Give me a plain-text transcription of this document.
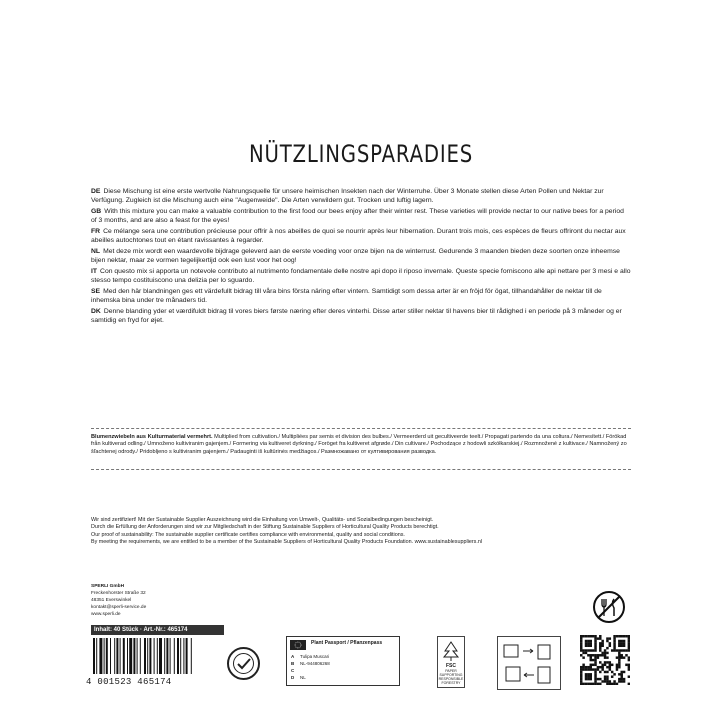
NÜTZLINGSPARADIES

DE Diese Mischung ist eine erste wertvolle Nahrungsquelle für unsere heimischen Insekten nach der Winterruhe. Über 3 Monate stellen diese Arten Pollen und Nektar zur Verfügung. Zugleich ist die Mischung auch eine "Augenweide". Die Arten verwildern gut. Trocken und luftig lagern.

GB With this mixture you can make a valuable contribution to the first food our bees enjoy after their winter rest. These varieties will provide nectar to our native bees for a period of 3 months, and are also a feast for the eyes!

FR Ce mélange sera une contribution précieuse pour offrir à nos abeilles de quoi se nourrir après leur hibernation. Durant trois mois, ces espèces de fleurs offriront du nectar aux abeilles autochtones tout en étant ravissantes à regarder.

NL Met deze mix wordt een waardevolle bijdrage geleverd aan de eerste voeding voor onze bijen na de winterrust. Gedurende 3 maanden bieden deze soorten onze inheemse bijen nektar, maar ze vormen tegelijkertijd ook een lust voor het oog!

IT Con questo mix si apporta un notevole contributo al nutrimento fondamentale delle nostre api dopo il riposo invernale. Queste specie forniscono alle api nettare per 3 mesi e allo stesso tempo costituiscono una delizia per lo sguardo.

SE Med den här blandningen ges ett värdefullt bidrag till våra bins första näring efter vintern. Samtidigt som dessa arter är en fröjd för ögat, tillhandahåller de nektar till de inhemska bina under tre månaders tid.

DK Denne blanding yder et værdifuldt bidrag til vores biers første næring efter deres vinterhi. Disse arter stiller nektar til havens bier til rådighed i en periode på 3 måneder og er samtidig en fryd for øjet.

Blumenzwiebeln aus Kulturmaterial vermehrt. Multiplied from cultivation./ Multipliées par semis et division des bulbes./ Vermeerderd uit gecultiveerde teelt./ Propagati partendo da una coltura./ Nemesített./ Förökad från kultiverad odling./ Umnoženo kultiviranim gajenjem./ Formering via kultiveret dyrkning./ Foröget fra kultiveret afgrøde./ Din cultivare./ Pochodzące z hodowli szkółkarskiej./ Rozmnožené z kultivace./ Namnožený zo šľachtenej odrody./ Pridobljeno s kultiviranim gajenjem./ Padauginti iš kultūrinės medžiagos./ Размножавано от култивирования разводка.
Wir sind zertifiziert! Mit der Sustainable Supplier Auszeichnung wird die Einhaltung von Umwelt-, Qualitäts- und Sozialbedingungen bescheinigt.
Durch die Erfüllung der Anforderungen sind wir zur Mitgliedschaft in der Stiftung Sustainable Suppliers of Horticultural Quality Products berechtigt.
Our proof of sustainability: The sustainable supplier certificate certifies compliance with environmental, quality and social conditions.
By meeting the requirements, we are entitled to be a member of the Sustainable Suppliers of Horticultural Quality Products Foundation. www.sustainablesuppliers.nl
SPERLI GmbH
Freckenhorster Straße 32
48351 Everswinkel
kontakt@sperli-service.de
www.sperli.de
Inhalt: 40 Stück · Art.-Nr.: 465174
4 001523 465174
Plant Passport / Pflanzenpass
A Tulipa Muscari
B NL-944806268
C
D NL
FSC
PAPER SUPPORTING RESPONSIBLE FORESTRY
